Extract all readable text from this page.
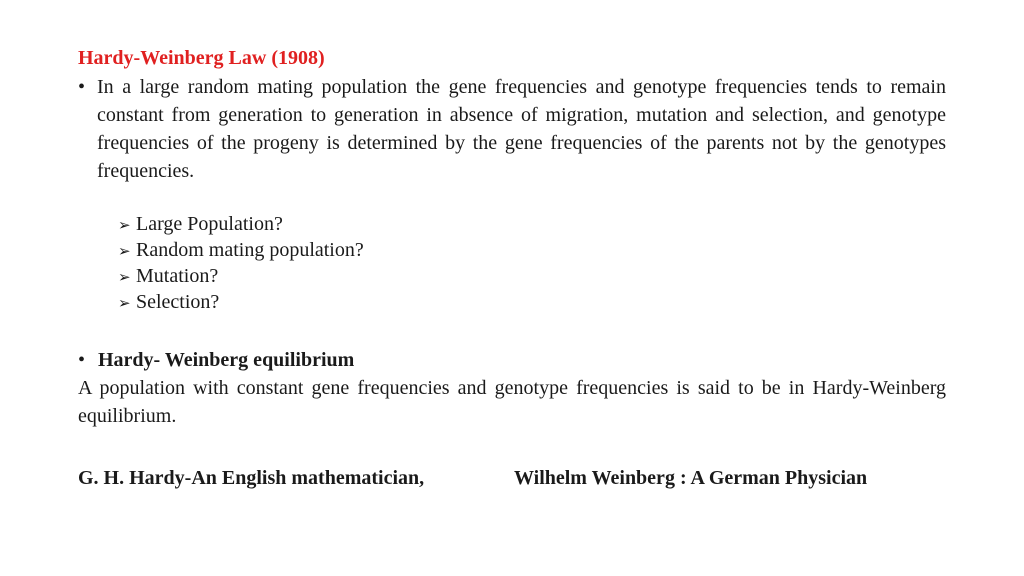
Hardy-Weinberg Law (1908)
• In a large random mating population the gene frequencies and genotype frequencies tends to remain constant from generation to generation in absence of migration, mutation and selection, and genotype frequencies of the progeny is determined by the gene frequencies of the parents not by the genotypes frequencies.
➢ Large Population?
➢ Random mating population?
➢ Mutation?
➢ Selection?
• Hardy- Weinberg equilibrium
A population with constant gene frequencies and genotype frequencies is said to be in Hardy-Weinberg equilibrium.
G. H. Hardy-An English mathematician,	Wilhelm Weinberg : A German Physician
